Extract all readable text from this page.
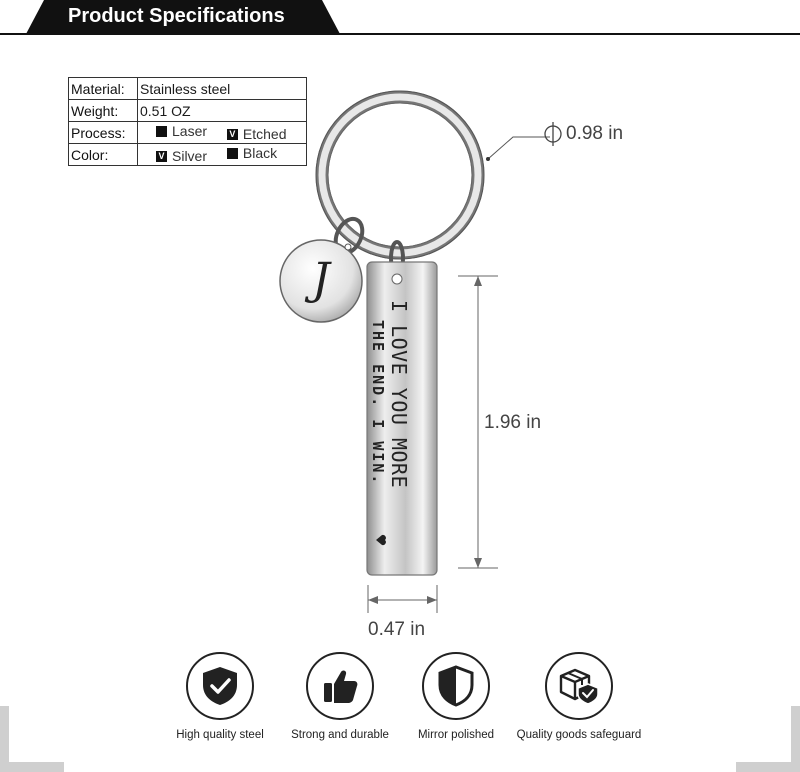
Product Specifications
Material:	Stainless steel
Weight:	0.51 OZ
Process:	Laser
V Etched

Color:	V Silver
Black
J
I LOVE YOU MORE
THE END. I WIN.
0.98 in
1.96 in
0.47 in
High quality steel	Strong and durable	Mirror polished	Quality goods safeguard
